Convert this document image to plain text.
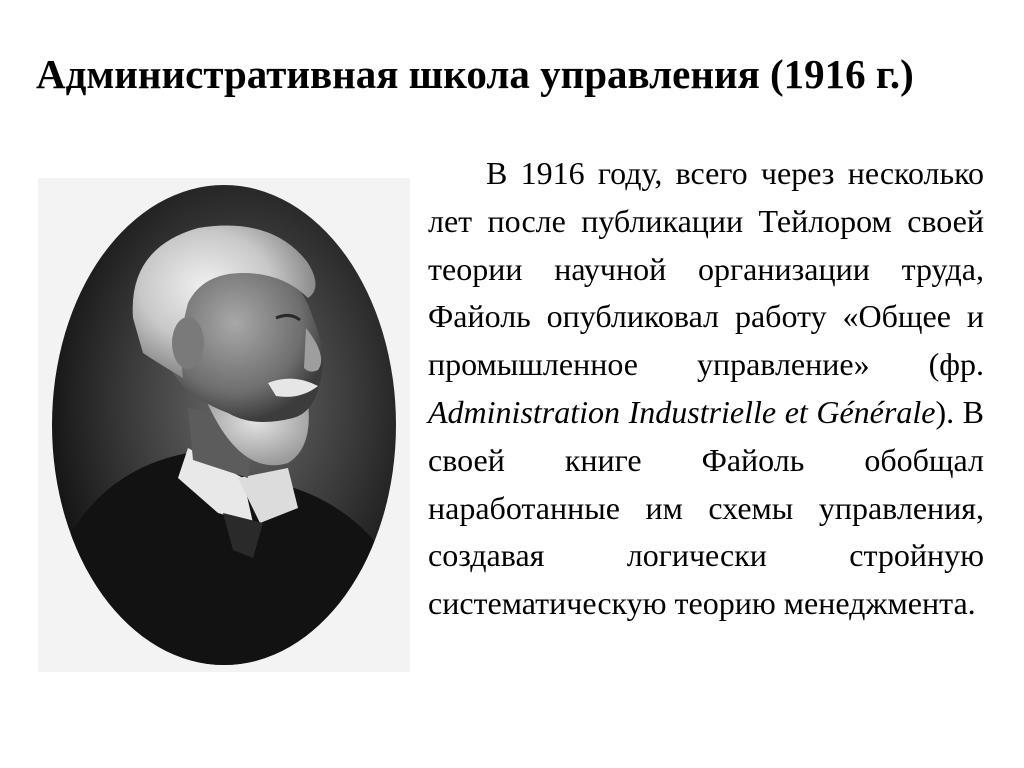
Административная школа управления (1916 г.)

В 1916 году, всего через несколько лет после публикации Тейлором своей теории научной организации труда, Файоль опубликовал работу «Общее и промышленное управление» (фр. Administration Industrielle et Générale). В своей книге Файоль обобщал наработанные им схемы управления, создавая логически стройную систематическую теорию менеджмента.
